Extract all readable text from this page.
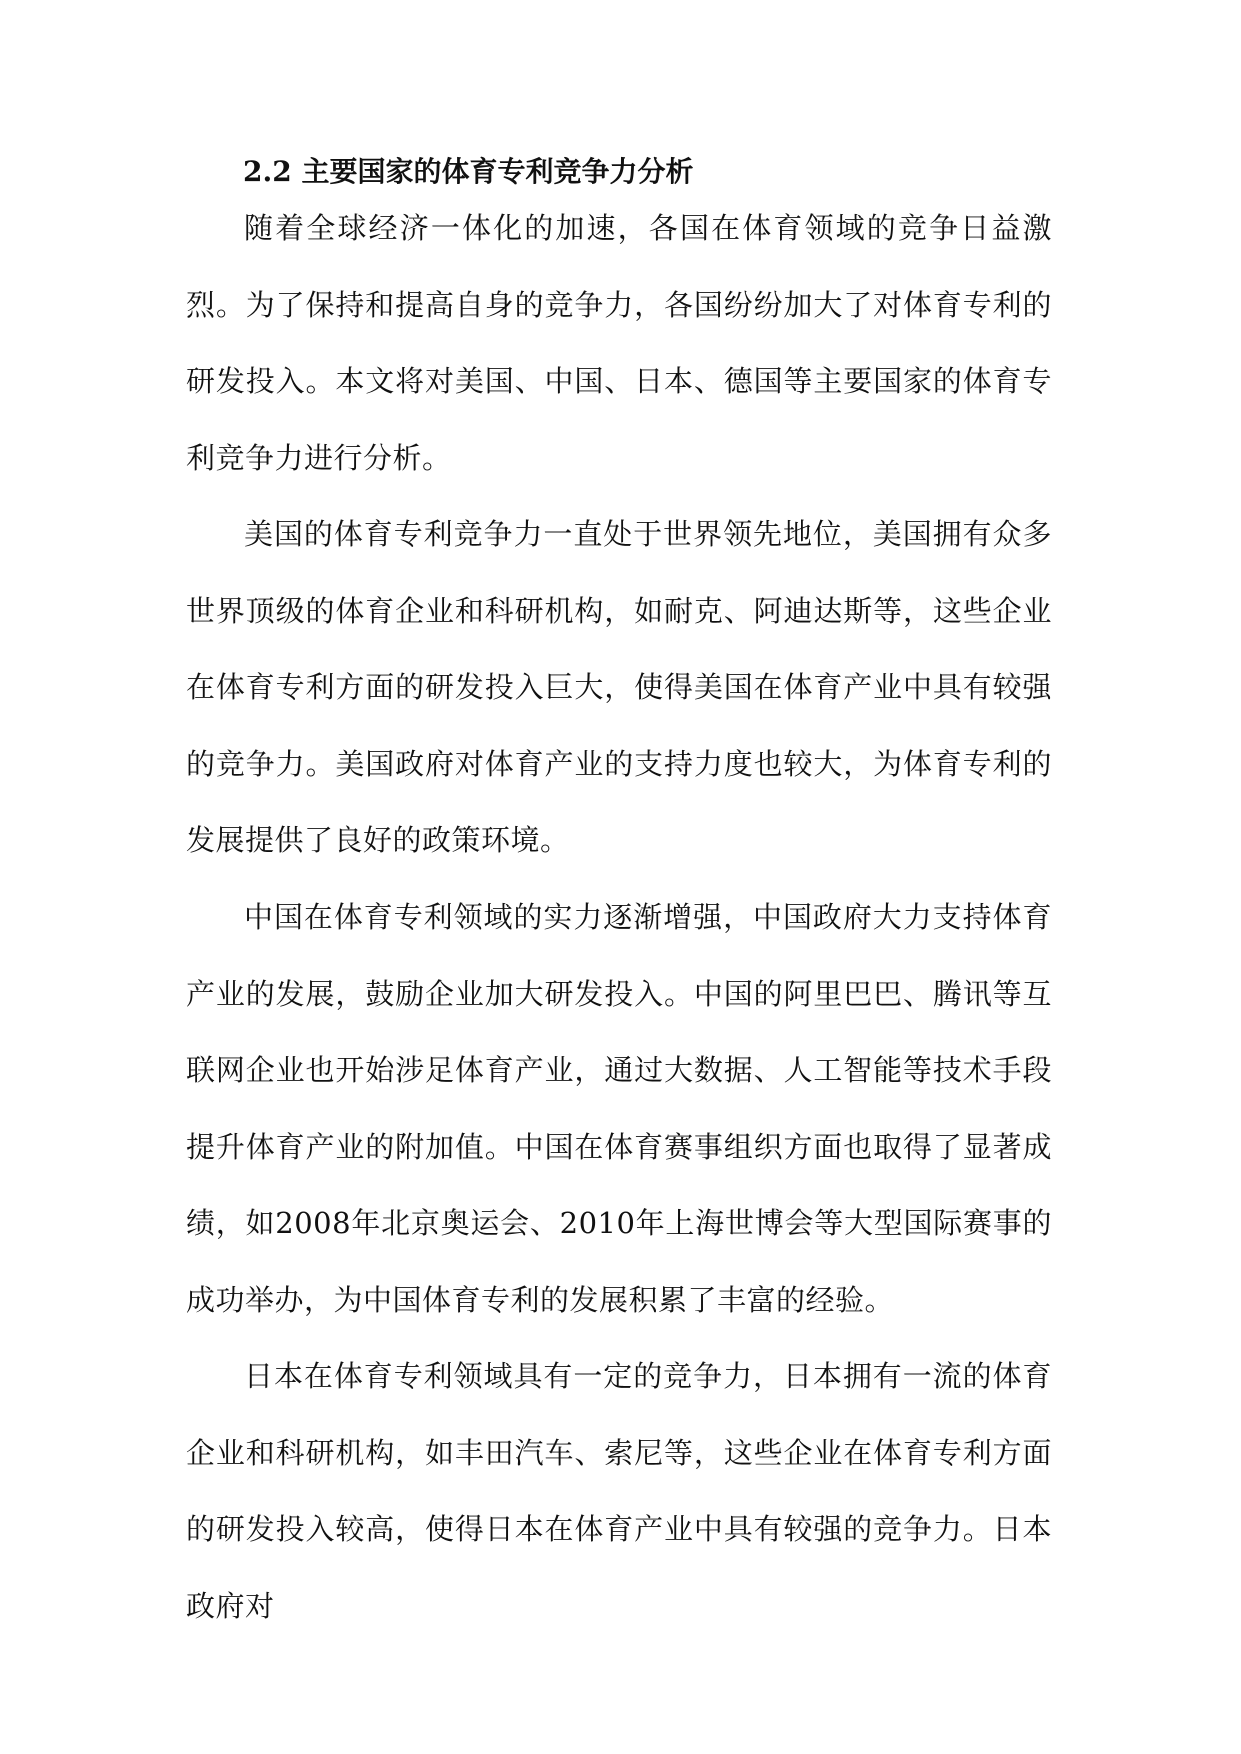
2.2 主要国家的体育专利竞争力分析

随着全球经济一体化的加速，各国在体育领域的竞争日益激烈。为了保持和提高自身的竞争力，各国纷纷加大了对体育专利的研发投入。本文将对美国、中国、日本、德国等主要国家的体育专利竞争力进行分析。

美国的体育专利竞争力一直处于世界领先地位，美国拥有众多世界顶级的体育企业和科研机构，如耐克、阿迪达斯等，这些企业在体育专利方面的研发投入巨大，使得美国在体育产业中具有较强的竞争力。美国政府对体育产业的支持力度也较大，为体育专利的发展提供了良好的政策环境。

中国在体育专利领域的实力逐渐增强，中国政府大力支持体育产业的发展，鼓励企业加大研发投入。中国的阿里巴巴、腾讯等互联网企业也开始涉足体育产业，通过大数据、人工智能等技术手段提升体育产业的附加值。中国在体育赛事组织方面也取得了显著成绩，如2008年北京奥运会、2010年上海世博会等大型国际赛事的成功举办，为中国体育专利的发展积累了丰富的经验。

日本在体育专利领域具有一定的竞争力，日本拥有一流的体育企业和科研机构，如丰田汽车、索尼等，这些企业在体育专利方面的研发投入较高，使得日本在体育产业中具有较强的竞争力。日本政府对
